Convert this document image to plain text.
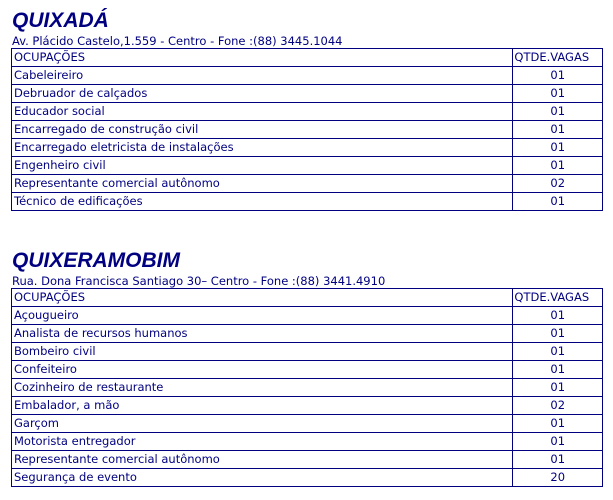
QUIXADÁ
Av. Plácido Castelo,1.559 - Centro - Fone :(88) 3445.1044
OCUPAÇÕES	QTDE.VAGAS
Cabeleireiro	01
Debruador de calçados	01
Educador social	01
Encarregado de construção civil	01
Encarregado eletricista de instalações	01
Engenheiro civil	01
Representante comercial autônomo	02
Técnico de edificações	01
QUIXERAMOBIM
Rua. Dona Francisca Santiago 30– Centro - Fone :(88) 3441.4910
OCUPAÇÕES	QTDE.VAGAS
Açougueiro	01
Analista de recursos humanos	01
Bombeiro civil	01
Confeiteiro	01
Cozinheiro de restaurante	01
Embalador, a mão	02
Garçom	01
Motorista entregador	01
Representante comercial autônomo	01
Segurança de evento	20
